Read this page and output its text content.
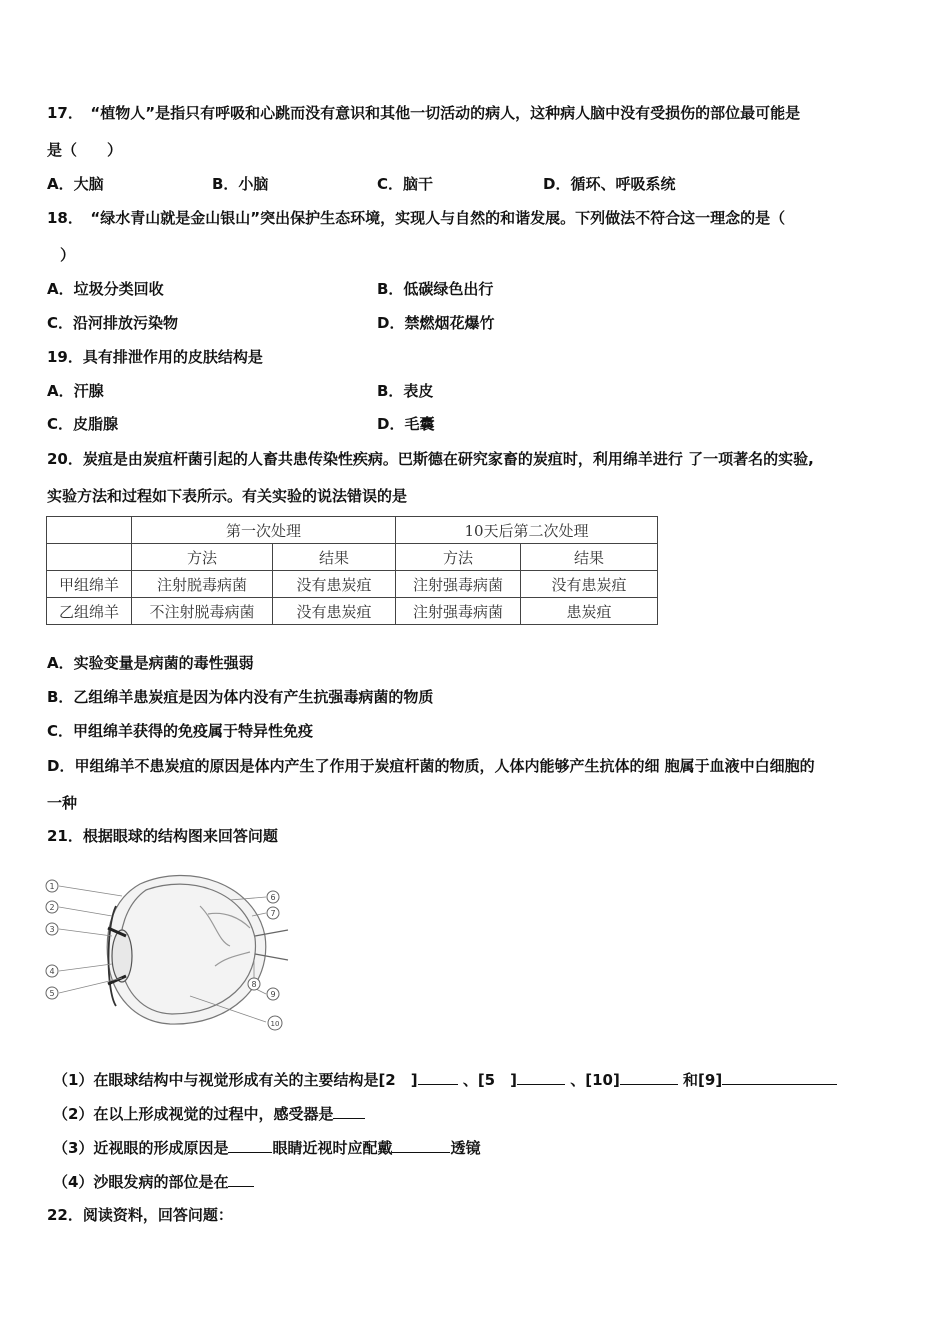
17．　“植物人”是指只有呼吸和心跳而没有意识和其他一切活动的病人，这种病人脑中没有受损伤的部位最可能是
是（　　）
A．大脑	B．小脑	C．脑干	D．循环、呼吸系统
18．　“绿水青山就是金山银山”突出保护生态环境，实现人与自然的和谐发展。下列做法不符合这一理念的是（
）
A．垃圾分类回收	B．低碳绿色出行
C．沿河排放污染物	D．禁燃烟花爆竹
19．具有排泄作用的皮肤结构是
A．汗腺	B．表皮
C．皮脂腺	D．毛囊
20．炭疽是由炭疽杆菌引起的人畜共患传染性疾病。巴斯德在研究家畜的炭疽时，利用绵羊进行 了一项著名的实验,
实验方法和过程如下表所示。有关实验的说法错误的是
	第一次处理		10天后第二次处理	
	方法	结果	方法	结果
甲组绵羊	注射脱毒病菌	没有患炭疽	注射强毒病菌	没有患炭疽
乙组绵羊	不注射脱毒病菌	没有患炭疽	注射强毒病菌	患炭疽
A．实验变量是病菌的毒性强弱
B．乙组绵羊患炭疽是因为体内没有产生抗强毒病菌的物质
C．甲组绵羊获得的免疫属于特异性免疫
D．甲组绵羊不患炭疽的原因是体内产生了作用于炭疽杆菌的物质，人体内能够产生抗体的细 胞属于血液中白细胞的
一种
21．根据眼球的结构图来回答问题
1
2
3
4
5
6
7
8
9
10
（1）在眼球结构中与视觉形成有关的主要结构是[2　]	、[5　]	、[10]	和[9]
（2）在以上形成视觉的过程中，感受器是
（3）近视眼的形成原因是	眼睛近视时应配戴	透镜
（4）沙眼发病的部位是在
22．阅读资料，回答问题：
